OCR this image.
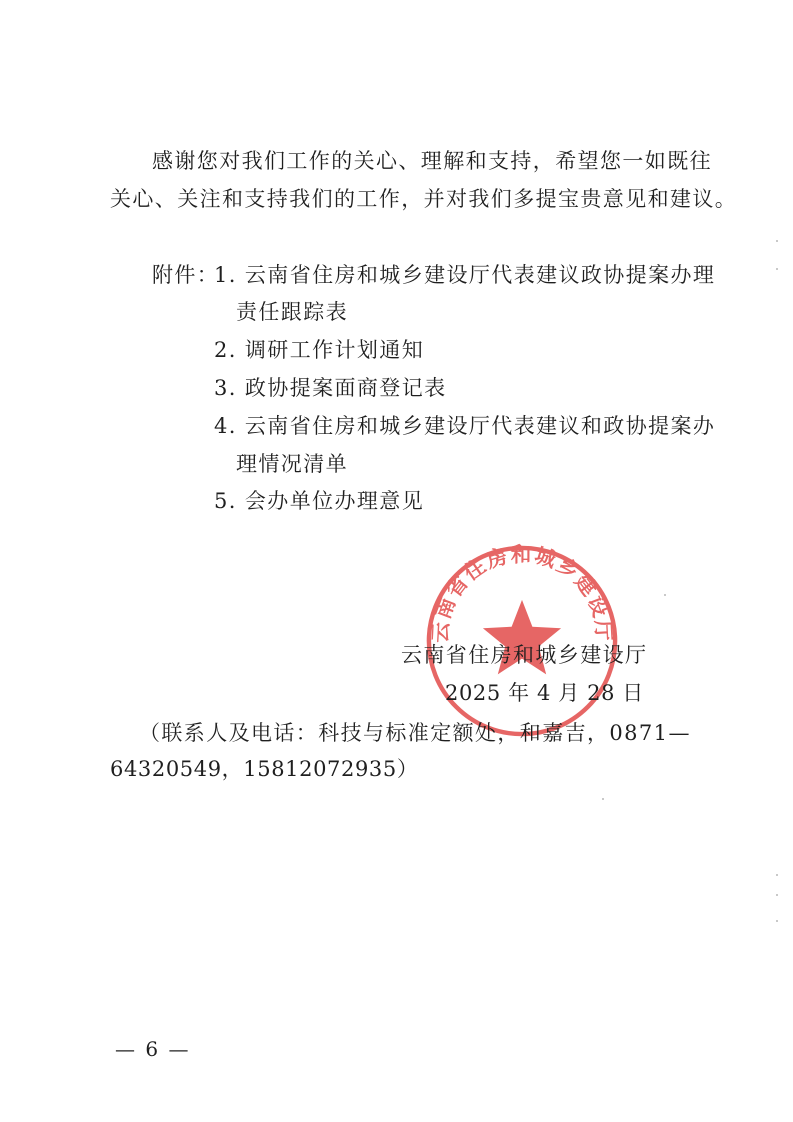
感谢您对我们工作的关心、理解和支持，希望您一如既往
关心、关注和支持我们的工作，并对我们多提宝贵意见和建议。
附件：
1. 云南省住房和城乡建设厅代表建议政协提案办理
责任跟踪表
2. 调研工作计划通知
3. 政协提案面商登记表
4. 云南省住房和城乡建设厅代表建议和政协提案办
理情况清单
5. 会办单位办理意见
云南省住房和城乡建设厅
云南省住房和城乡建设厅
2025 年 4 月 28 日
（联系人及电话：科技与标准定额处，和嘉吉，0871—
64320549，15812072935）
— 6 —
